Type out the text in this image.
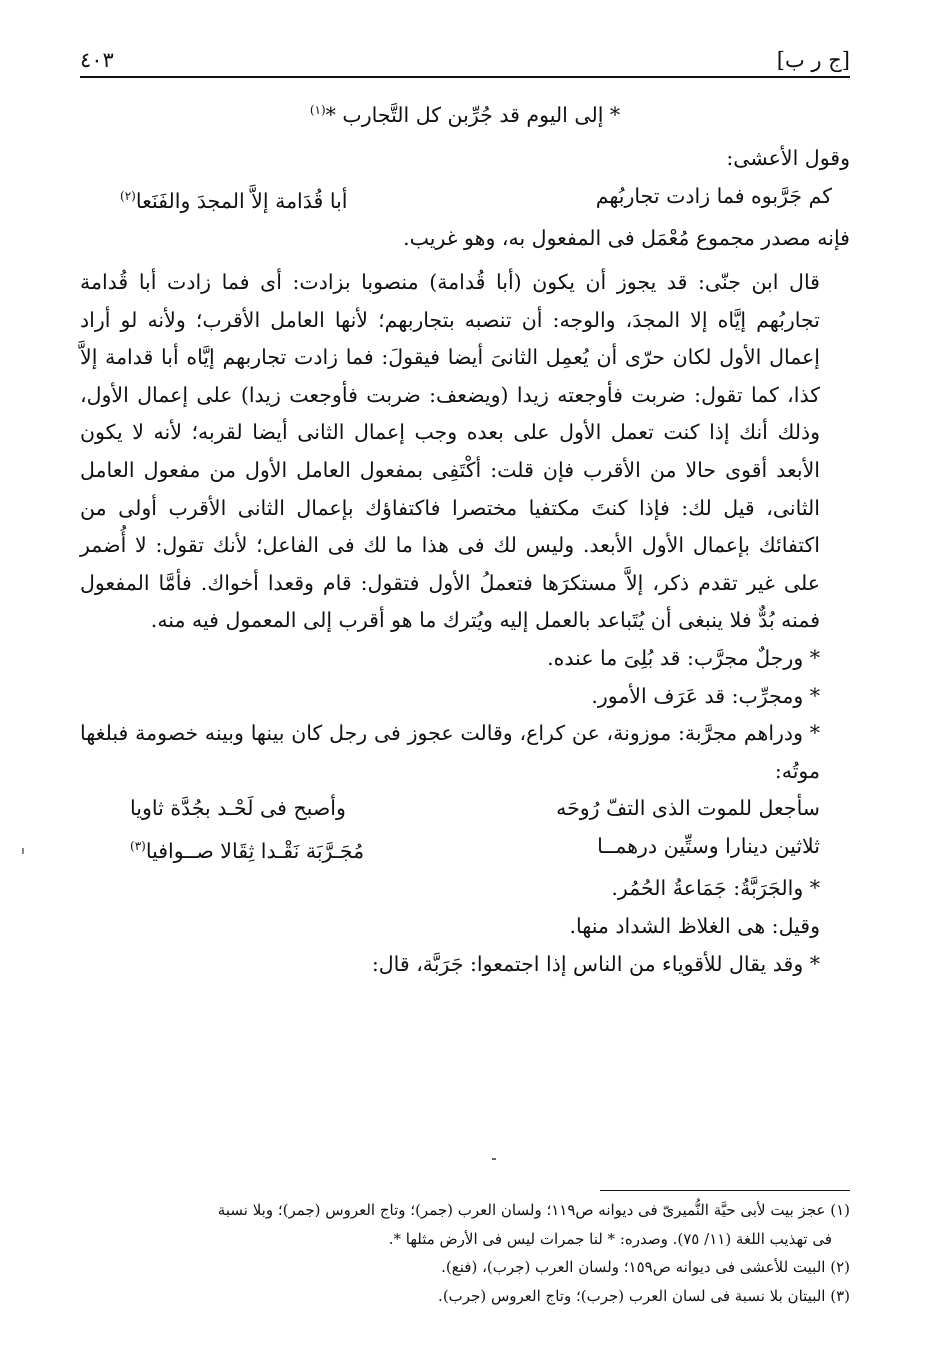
[ج ر ب]
٤٠٣

* إلى اليوم قد جُرِّبن كل التَّجارب *$^{(١)}$

وقول الأعشى:

كم جَرَّبوه فما زادت تجاربُهم
أبا قُدَامة إلاَّ المجدَ والفَنَعا(٢)

فإنه مصدر مجموع مُعْمَل فى المفعول به، وهو غريب.

قال ابن جنّى: قد يجوز أن يكون (أبا قُدامة) منصوبا بزادت: أى فما زادت أبا قُدامة تجاربُهم إيَّاه إلا المجدَ، والوجه: أن تنصبه بتجاربهم؛ لأنها العامل الأقرب؛ ولأنه لو أراد إعمال الأول لكان حرّى أن يُعمِل الثانىَ أيضا فيقولَ: فما زادت تجاربهم إيَّاه أبا قدامة إلاَّ كذا، كما تقول: ضربت فأوجعته زيدا (ويضعف: ضربت فأوجعت زيدا) على إعمال الأول، وذلك أنك إذا كنت تعمل الأول على بعده وجب إعمال الثانى أيضا لقربه؛ لأنه لا يكون الأبعد أقوى حالا من الأقرب فإن قلت: أكْتَفِى بمفعول العامل الأول من مفعول العامل الثانى، قيل لك: فإذا كنتَ مكتفيا مختصرا فاكتفاؤك بإعمال الثانى الأقرب أولى من اكتفائك بإعمال الأول الأبعد. وليس لك فى هذا ما لك فى الفاعل؛ لأنك تقول: لا أُضمر على غير تقدم ذكر، إلاَّ مستكرَها فتعملُ الأول فتقول: قام وقعدا أخواك. فأمَّا المفعول فمنه بُدٌّ فلا ينبغى أن يُتَباعد بالعمل إليه ويُترك ما هو أقرب إلى المعمول فيه منه.

* ورجلٌ مجرَّب: قد بُلِىَ ما عنده.

* ومجرِّب: قد عَرَف الأمور.

* ودراهم مجرَّبة: موزونة، عن كراع، وقالت عجوز فى رجل كان بينها وبينه خصومة فبلغها موتُه:

سأجعل للموت الذى التفّ رُوحَه
وأصبح فى لَحْـد بجُدَّة ثاويا
ثلاثين دينارا وستِّين درهمــا
مُجَـرَّبَة نَقْـدا ثِقَالا صــوافيا$^{(٣)}$

* والجَرَبَّةُ: جَمَاعةُ الحُمُر.

وقيل: هى الغلاظ الشداد منها.

* وقد يقال للأقوياء من الناس إذا اجتمعوا: جَرَبَّة، قال:

(١) عجز بيت لأبى حيَّة النُّميرىّ فى ديوانه ص١١٩؛ ولسان العرب (جمر)؛ وتاج العروس (جمر)؛ وبلا نسبة

فى تهذيب اللغة (١١/ ٧٥). وصدره: * لنا جمرات ليس فى الأرض مثلها *.

(٢) البيت للأعشى فى ديوانه ص١٥٩؛ ولسان العرب (جرب)، (فنع).

(٣) البيتان بلا نسبة فى لسان العرب (جرب)؛ وتاج العروس (جرب).
